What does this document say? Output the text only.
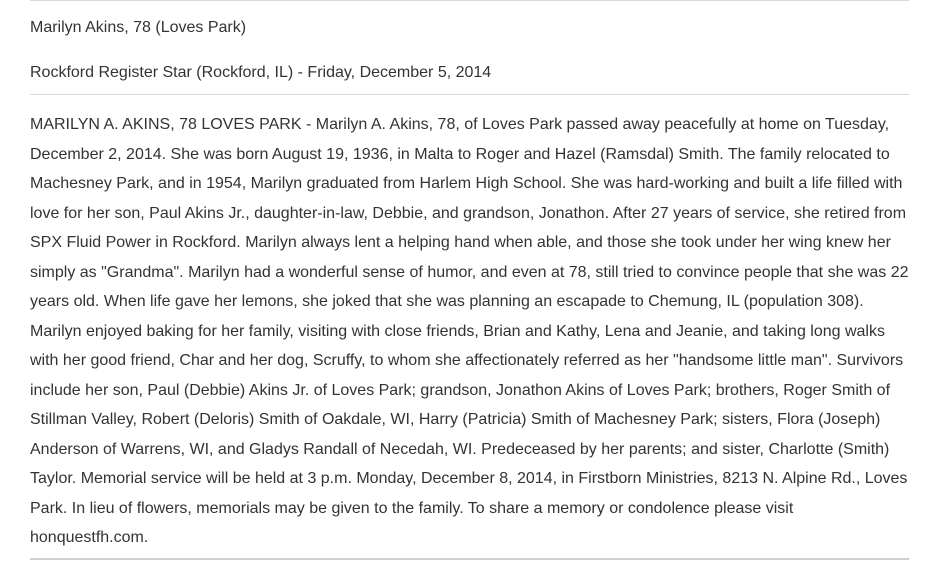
Marilyn Akins, 78 (Loves Park)
Rockford Register Star (Rockford, IL) - Friday, December 5, 2014

MARILYN A. AKINS, 78 LOVES PARK - Marilyn A. Akins, 78, of Loves Park passed away peacefully at home on Tuesday, December 2, 2014. She was born August 19, 1936, in Malta to Roger and Hazel (Ramsdal) Smith. The family relocated to Machesney Park, and in 1954, Marilyn graduated from Harlem High School. She was hard-working and built a life filled with love for her son, Paul Akins Jr., daughter-in-law, Debbie, and grandson, Jonathon. After 27 years of service, she retired from SPX Fluid Power in Rockford. Marilyn always lent a helping hand when able, and those she took under her wing knew her simply as "Grandma". Marilyn had a wonderful sense of humor, and even at 78, still tried to convince people that she was 22 years old. When life gave her lemons, she joked that she was planning an escapade to Chemung, IL (population 308). Marilyn enjoyed baking for her family, visiting with close friends, Brian and Kathy, Lena and Jeanie, and taking long walks with her good friend, Char and her dog, Scruffy, to whom she affectionately referred as her "handsome little man". Survivors include her son, Paul (Debbie) Akins Jr. of Loves Park; grandson, Jonathon Akins of Loves Park; brothers, Roger Smith of Stillman Valley, Robert (Deloris) Smith of Oakdale, WI, Harry (Patricia) Smith of Machesney Park; sisters, Flora (Joseph) Anderson of Warrens, WI, and Gladys Randall of Necedah, WI. Predeceased by her parents; and sister, Charlotte (Smith) Taylor. Memorial service will be held at 3 p.m. Monday, December 8, 2014, in Firstborn Ministries, 8213 N. Alpine Rd., Loves Park. In lieu of flowers, memorials may be given to the family. To share a memory or condolence please visit honquestfh.com.
